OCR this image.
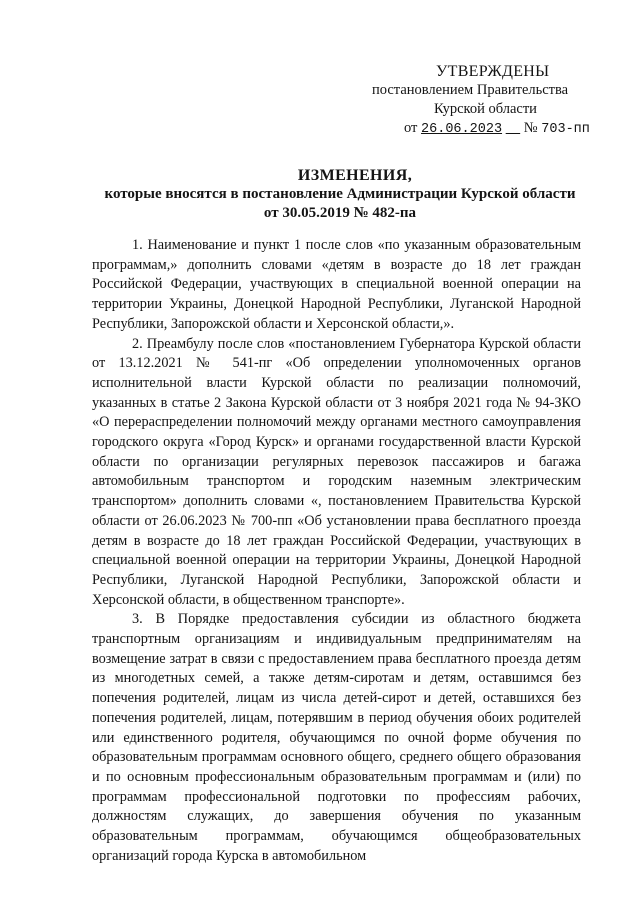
УТВЕРЖДЕНЫ
постановлением Правительства
Курской области
от 26.06.2023 № 703-пп
ИЗМЕНЕНИЯ,
которые вносятся в постановление Администрации Курской области
от 30.05.2019 № 482-па

1. Наименование и пункт 1 после слов «по указанным образовательным программам,» дополнить словами «детям в возрасте до 18 лет граждан Российской Федерации, участвующих в специальной военной операции на территории Украины, Донецкой Народной Республики, Луганской Народной Республики, Запорожской области и Херсонской области,».

2. Преамбулу после слов «постановлением Губернатора Курской области от 13.12.2021 № 541-пг «Об определении уполномоченных органов исполнительной власти Курской области по реализации полномочий, указанных в статье 2 Закона Курской области от 3 ноября 2021 года № 94-ЗКО «О перераспределении полномочий между органами местного самоуправления городского округа «Город Курск» и органами государственной власти Курской области по организации регулярных перевозок пассажиров и багажа автомобильным транспортом и городским наземным электрическим транспортом» дополнить словами «, постановлением Правительства Курской области от 26.06.2023 № 700-пп «Об установлении права бесплатного проезда детям в возрасте до 18 лет граждан Российской Федерации, участвующих в специальной военной операции на территории Украины, Донецкой Народной Республики, Луганской Народной Республики, Запорожской области и Херсонской области, в общественном транспорте».

3. В Порядке предоставления субсидии из областного бюджета транспортным организациям и индивидуальным предпринимателям на возмещение затрат в связи с предоставлением права бесплатного проезда детям из многодетных семей, а также детям-сиротам и детям, оставшимся без попечения родителей, лицам из числа детей-сирот и детей, оставшихся без попечения родителей, лицам, потерявшим в период обучения обоих родителей или единственного родителя, обучающимся по очной форме обучения по образовательным программам основного общего, среднего общего образования и по основным профессиональным образовательным программам и (или) по программам профессиональной подготовки по профессиям рабочих, должностям служащих, до завершения обучения по указанным образовательным программам, обучающимся общеобразовательных организаций города Курска в автомобильном
